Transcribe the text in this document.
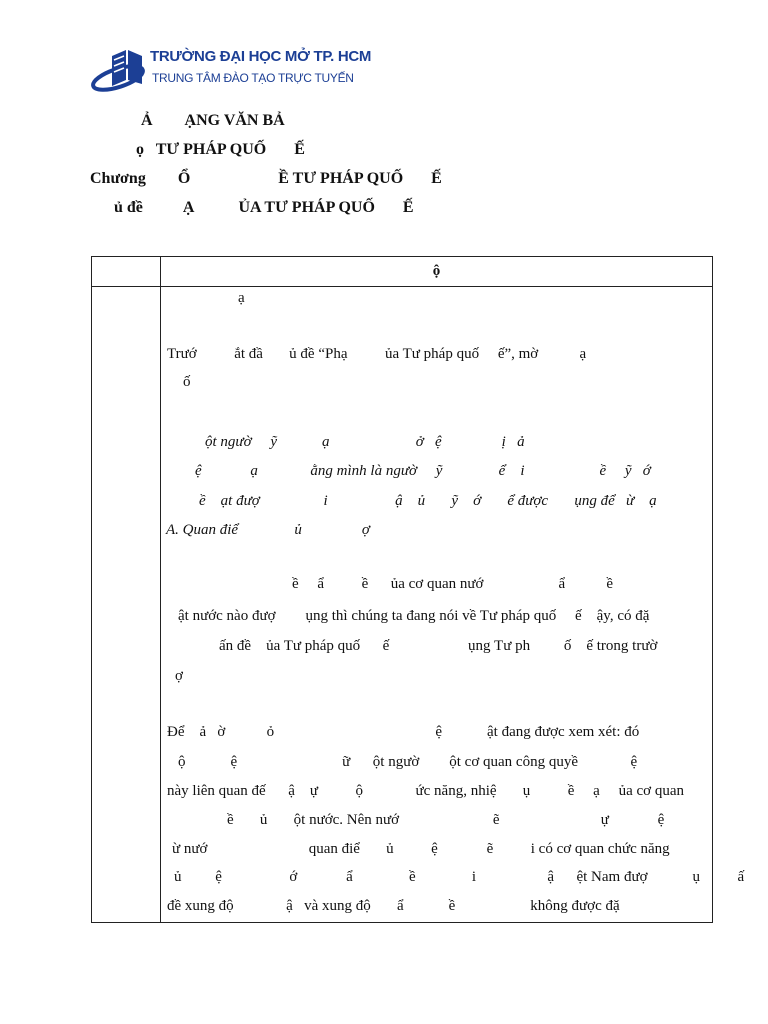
TRƯỜNG ĐẠI HỌC MỞ TP. HCM
TRUNG TÂM ĐÀO TẠO TRỰC TUYẾN
Ả        ẠNG VĂN BẢ
ọ   TƯ PHÁP QUỐ       Ế
Chương        Ổ                      Ề TƯ PHÁP QUỐ       Ế
ủ đề          Ạ           ỦA TƯ PHÁP QUỐ       Ế
ộ
ạ
Trướ          ắt đầ       ủ đề “Phạ          ủa Tư pháp quố     ế”, mờ           ạ
ố
ột ngườ     ỹ            ạ                       ở   ệ                ị   ả
ệ             ạ              ằng mình là ngườ     ỹ               ể    i                    ề     ỹ   ớ
ề    ạt đượ                 i                  ậ    ủ       ỹ    ớ       ể được       ụng để   ừ    ạ
A. Quan điể               ủ                ợ
ề     ẩ          ề      ủa cơ quan nướ                    ẩ           ề
ật nước nào đượ        ụng thì chúng ta đang nói về Tư pháp quố     ế    ậy, có đặ
ấn đề    ủa Tư pháp quố      ế                     ụng Tư ph         ố    ế trong trườ
ợ
Để    ả   ờ           ỏ                                           ệ            ật đang được xem xét: đó
ộ            ệ                            ữ      ột ngườ        ột cơ quan công quyề              ệ
này liên quan đế      ậ    ự          ộ              ức năng, nhiệ       ụ          ề     ạ     ủa cơ quan
ề       ủ       ột nước. Nên nướ                         ẽ                           ự             ệ
ừ nướ                           quan điể       ủ          ệ             ẽ          i có cơ quan chức năng
ủ         ệ                  ớ             ẩ               ề               i                   ậ      ệt Nam đượ            ụ          ấ
đề xung độ              ậ   và xung độ       ẩ            ề                    không được đặ
